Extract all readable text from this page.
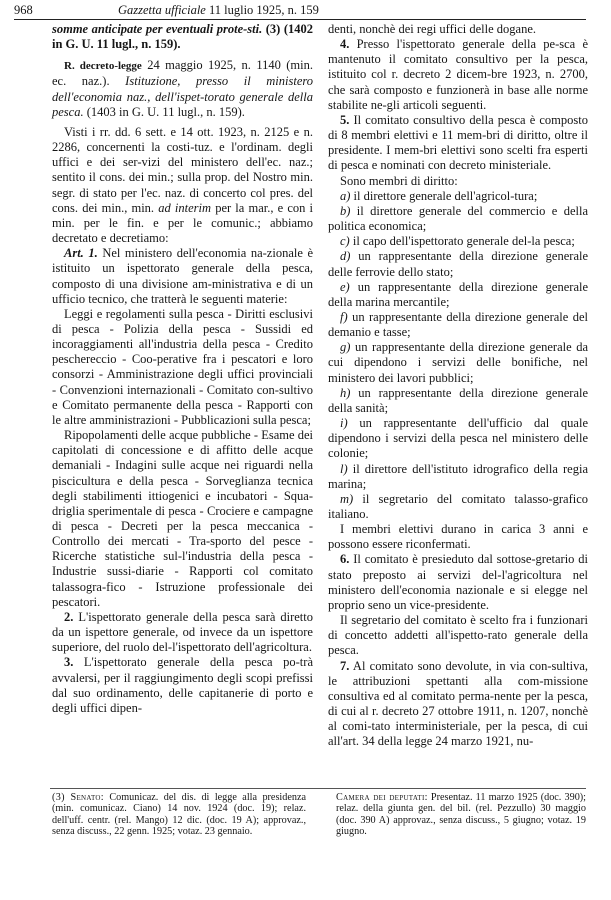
968	Gazzetta ufficiale 11 luglio 1925, n. 159

somme anticipate per eventuali prote-sti. (3) (1402 in G. U. 11 lugl., n. 159).

R. decreto-legge 24 maggio 1925, n. 1140 (min. ec. naz.). Istituzione, presso il ministero dell'economia naz., dell'ispet-torato generale della pesca. (1403 in G. U. 11 lugl., n. 159).

Visti i rr. dd. 6 sett. e 14 ott. 1923, n. 2125 e n. 2286, concernenti la costi-tuz. e l'ordinam. degli uffici e dei ser-vizi del ministero dell'ec. naz.; sentito il cons. dei min.; sulla prop. del Nostro min. segr. di stato per l'ec. naz. di concerto col pres. del cons. dei min., min. ad interim per la mar., e con i min. per le fin. e per le comunic.; abbiamo decretato e decretiamo:

Art. 1. Nel ministero dell'economia na-zionale è istituito un ispettorato generale della pesca, composto di una divisione am-ministrativa e di un ufficio tecnico, che tratterà le seguenti materie:

Leggi e regolamenti sulla pesca - Diritti esclusivi di pesca - Polizia della pesca - Sussidi ed incoraggiamenti all'industria della pesca - Credito peschereccio - Coo-perative fra i pescatori e loro consorzi - Amministrazione degli uffici provinciali - Convenzioni internazionali - Comitato con-sultivo e Comitato permanente della pesca - Rapporti con le altre amministrazioni - Pubblicazioni sulla pesca;

Ripopolamenti delle acque pubbliche - Esame dei capitolati di concessione e di affitto delle acque demaniali - Indagini sulle acque nei riguardi nella piscicultura e della pesca - Sorveglianza tecnica degli stabilimenti ittiogenici e incubatori - Squa-driglia sperimentale di pesca - Crociere e campagne di pesca - Decreti per la pesca meccanica - Controllo dei mercati - Tra-sporto del pesce - Ricerche statistiche sul-l'industria della pesca - Industrie sussi-diarie - Rapporti col comitato talassogra-fico - Istruzione professionale dei pescatori.

2. L'ispettorato generale della pesca sarà diretto da un ispettore generale, od invece da un ispettore superiore, del ruolo del-l'ispettorato dell'agricoltura.

3. L'ispettorato generale della pesca po-trà avvalersi, per il raggiungimento degli scopi prefissi dal suo ordinamento, delle capitanerie di porto e degli uffici dipen-

denti, nonchè dei regi uffici delle dogane.

4. Presso l'ispettorato generale della pe-sca è mantenuto il comitato consultivo per la pesca, istituito col r. decreto 2 dicem-bre 1923, n. 2700, che sarà composto e funzionerà in base alle norme stabilite ne-gli articoli seguenti.

5. Il comitato consultivo della pesca è composto di 8 membri elettivi e 11 mem-bri di diritto, oltre il presidente. I mem-bri elettivi sono scelti fra esperti di pesca e nominati con decreto ministeriale.

Sono membri di diritto:

a) il direttore generale dell'agricol-tura;

b) il direttore generale del commercio e della politica economica;

c) il capo dell'ispettorato generale del-la pesca;

d) un rappresentante della direzione generale delle ferrovie dello stato;

e) un rappresentante della direzione generale della marina mercantile;

f) un rappresentante della direzione generale del demanio e tasse;

g) un rappresentante della direzione generale da cui dipendono i servizi delle bonifiche, nel ministero dei lavori pubblici;

h) un rappresentante della direzione generale della sanità;

i) un rappresentante dell'ufficio dal quale dipendono i servizi della pesca nel ministero delle colonie;

l) il direttore dell'istituto idrografico della regia marina;

m) il segretario del comitato talasso-grafico italiano.

I membri elettivi durano in carica 3 anni e possono essere riconfermati.

6. Il comitato è presieduto dal sottose-gretario di stato preposto ai servizi del-l'agricoltura nel ministero dell'economia nazionale e si elegge nel proprio seno un vice-presidente.

Il segretario del comitato è scelto fra i funzionari di concetto addetti all'ispetto-rato generale della pesca.

7. Al comitato sono devolute, in via con-sultiva, le attribuzioni spettanti alla com-missione consultiva ed al comitato perma-nente per la pesca, di cui al r. decreto 27 ottobre 1911, n. 1207, nonchè al comi-tato interministeriale, per la pesca, di cui all'art. 34 della legge 24 marzo 1921, nu-

(3) Senato: Comunicaz. del dis. di legge alla presidenza (min. comunicaz. Ciano) 14 nov. 1924 (doc. 19); relaz. dell'uff. centr. (rel. Mango) 12 dic. (doc. 19 A); approvaz., senza discuss., 22 genn. 1925; votaz. 23 gennaio.
Camera dei deputati: Presentaz. 11 marzo 1925 (doc. 390); relaz. della giunta gen. del bil. (rel. Pezzullo) 30 maggio (doc. 390 A) approvaz., senza discuss., 5 giugno; votaz. 19 giugno.
